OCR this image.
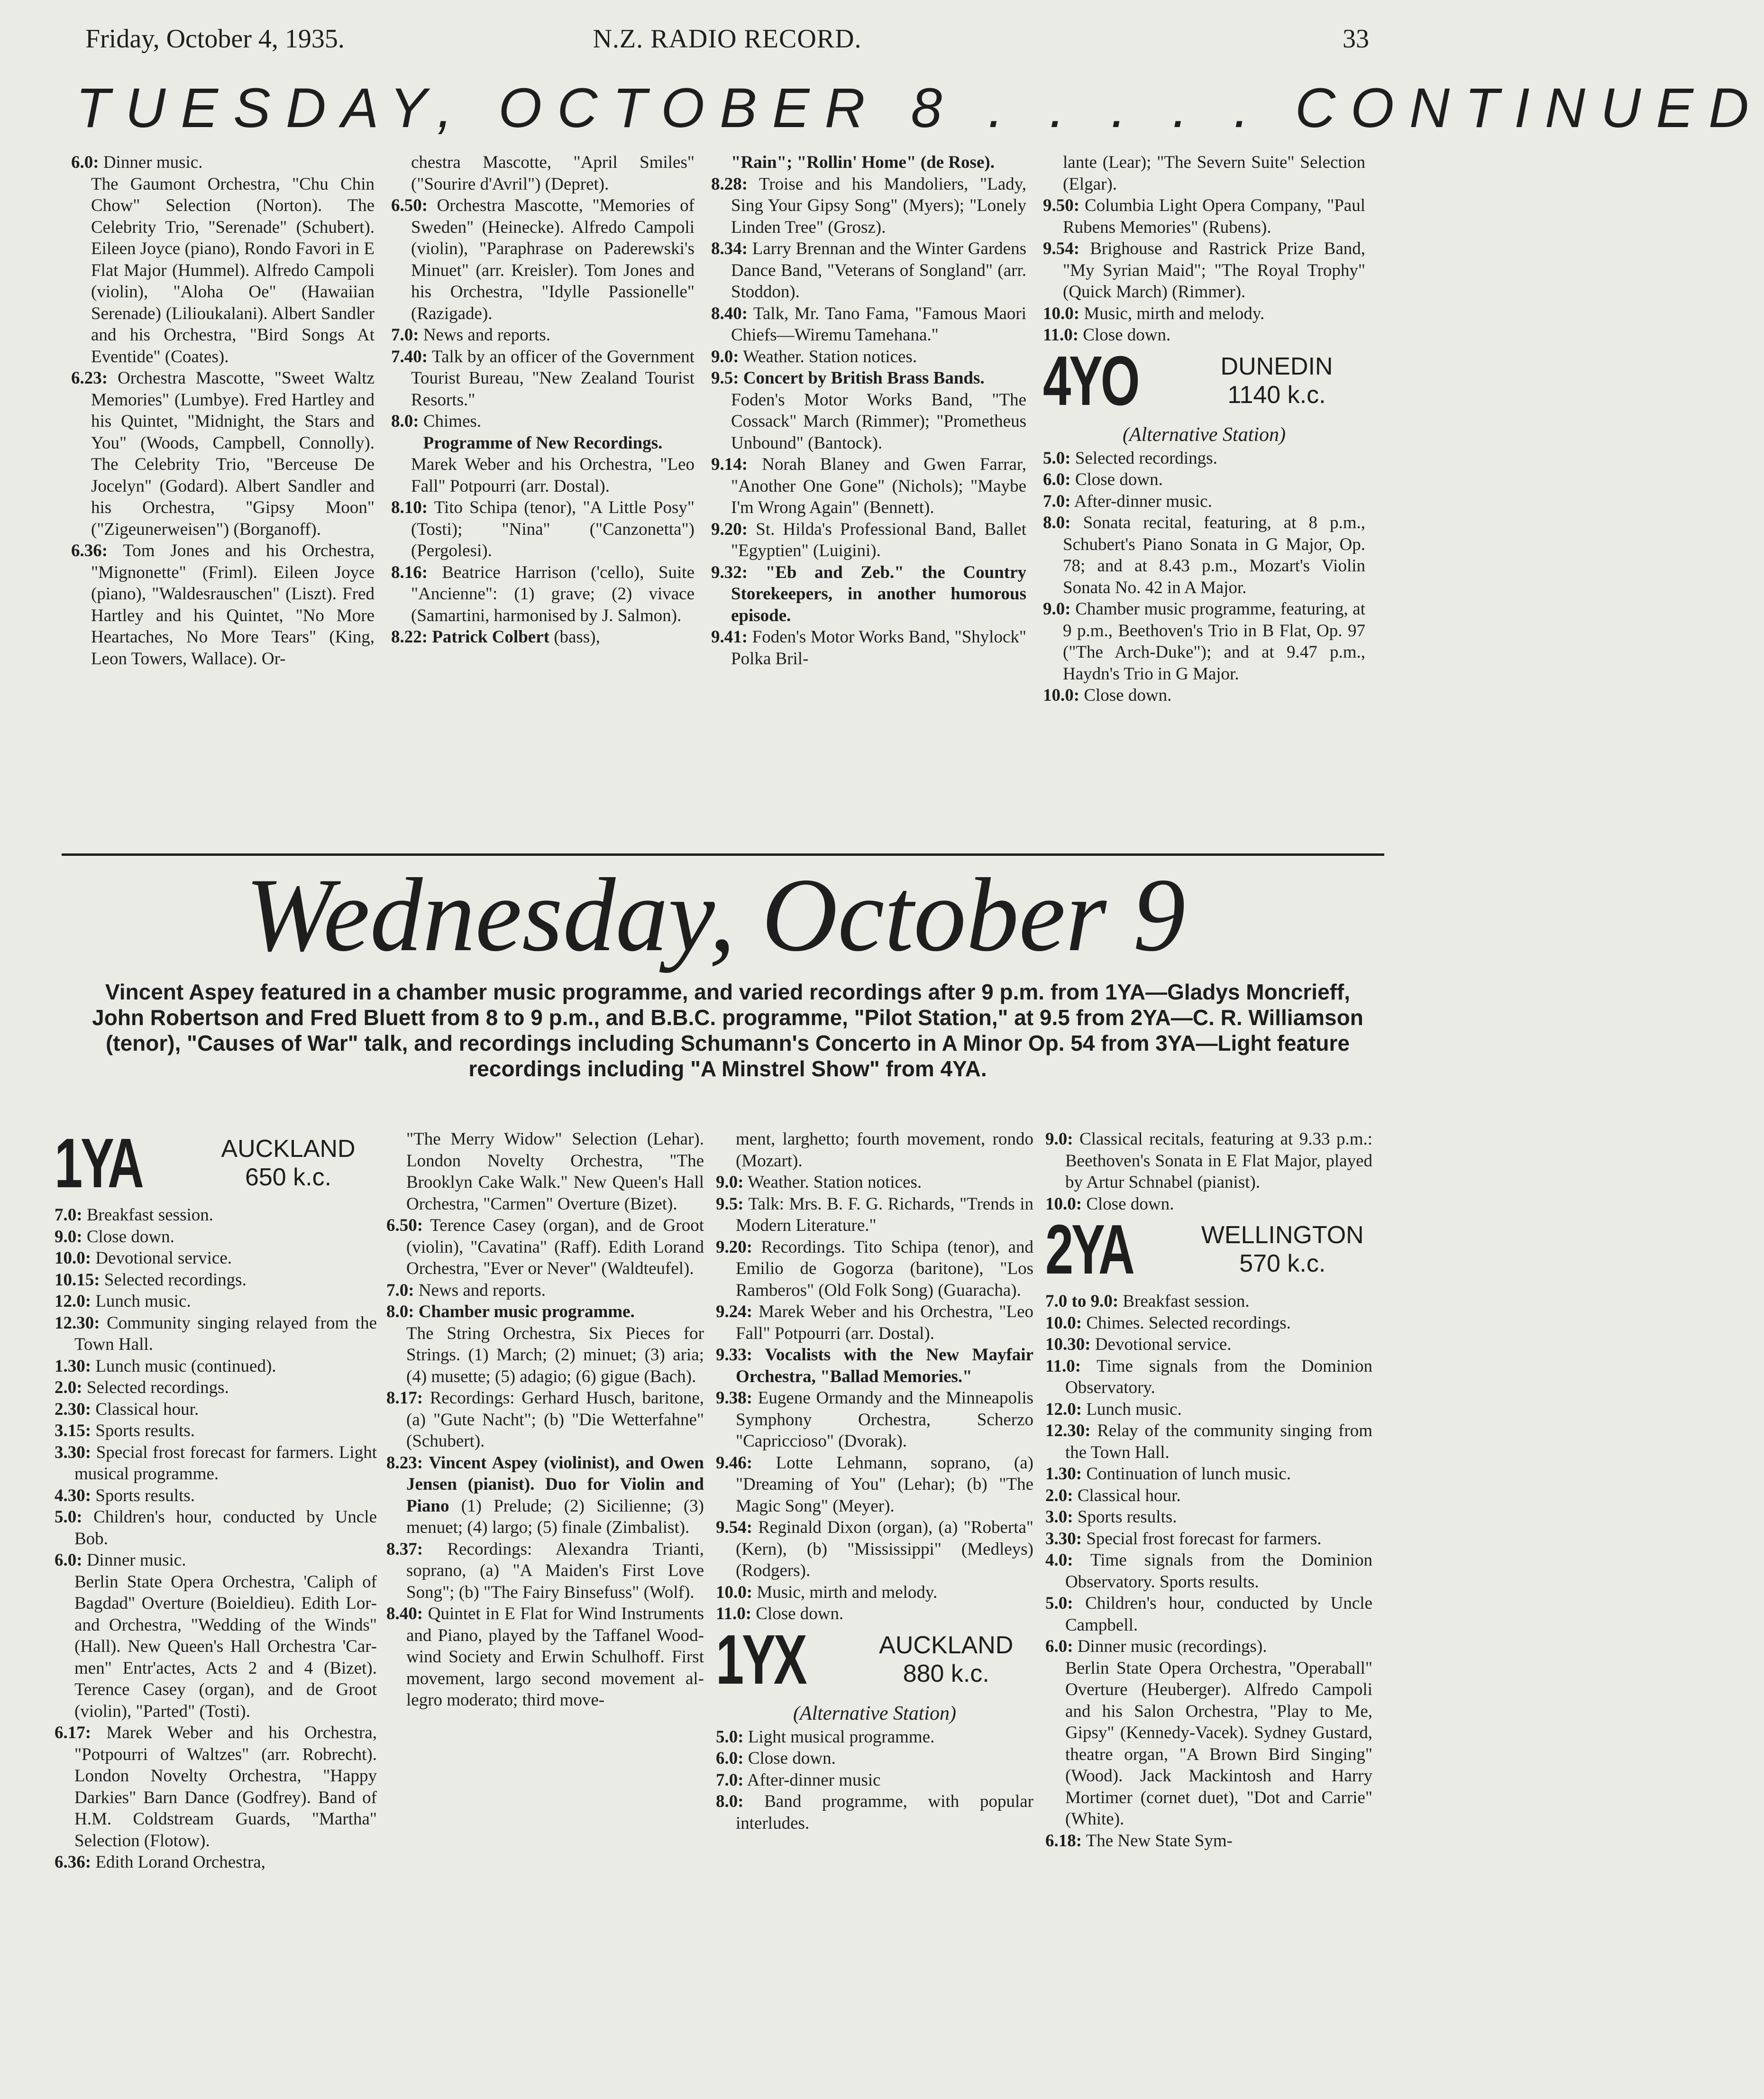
Friday, October 4, 1935.	N.Z. RADIO RECORD.	33
TUESDAY, OCTOBER 8 . . . . . CONTINUED

6.0: Dinner music.

The Gaumont Orchestra, "Chu Chin Chow" Selection (Norton). The Celebrity Trio, "Serenade" (Schubert). Eileen Joyce (piano), Rondo Favori in E Flat Major (Hummel). Alfredo Campoli (violin), "Aloha Oe" (Hawaiian Serenade) (Lilioukalani). Albert Sandler and his Orchestra, "Bird Songs At Eventide" (Coates).

6.23: Orchestra Mascotte, "Sweet Waltz Memories" (Lumbye). Fred Hartley and his Quintet, "Midnight, the Stars and You" (Woods, Campbell, Connolly). The Celebrity Trio, "Berceuse De Jocelyn" (Godard). Albert Sandler and his Orchestra, "Gipsy Moon" ("Zigeunerweisen") (Borganoff).

6.36: Tom Jones and his Orchestra, "Mignonette" (Friml). Eileen Joyce (piano), "Waldesrauschen" (Liszt). Fred Hartley and his Quintet, "No More Heartaches, No More Tears" (King, Leon Towers, Wallace). Or-

chestra Mascotte, "April Smiles" ("Sourire d'Avril") (Depret).

6.50: Orchestra Mascotte, "Memories of Sweden" (Heinecke). Alfredo Campoli (violin), "Paraphrase on Paderewski's Minuet" (arr. Kreisler). Tom Jones and his Orchestra, "Idylle Passionelle" (Razigade).

7.0: News and reports.

7.40: Talk by an officer of the Government Tourist Bureau, "New Zealand Tourist Resorts."

8.0: Chimes.

Programme of New Recordings.

Marek Weber and his Orchestra, "Leo Fall" Potpourri (arr. Dostal).

8.10: Tito Schipa (tenor), "A Little Posy" (Tosti); "Nina" ("Canzonetta") (Pergolesi).

8.16: Beatrice Harrison ('cello), Suite "Ancienne": (1) grave; (2) vivace (Samartini, harmonised by J. Salmon).

8.22: Patrick Colbert (bass),

"Rain"; "Rollin' Home" (de Rose).

8.28: Troise and his Mandoliers, "Lady, Sing Your Gipsy Song" (Myers); "Lonely Linden Tree" (Grosz).

8.34: Larry Brennan and the Winter Gardens Dance Band, "Veterans of Songland" (arr. Stoddon).

8.40: Talk, Mr. Tano Fama, "Famous Maori Chiefs—Wiremu Tamehana."

9.0: Weather. Station notices.

9.5: Concert by British Brass Bands.

Foden's Motor Works Band, "The Cossack" March (Rimmer); "Prometheus Unbound" (Bantock).

9.14: Norah Blaney and Gwen Farrar, "Another One Gone" (Nichols); "Maybe I'm Wrong Again" (Bennett).

9.20: St. Hilda's Professional Band, Ballet "Egyptien" (Luigini).

9.32: "Eb and Zeb." the Country Storekeepers, in another humorous episode.

9.41: Foden's Motor Works Band, "Shylock" Polka Bril-

lante (Lear); "The Severn Suite" Selection (Elgar).

9.50: Columbia Light Opera Company, "Paul Rubens Memories" (Rubens).

9.54: Brighouse and Rastrick Prize Band, "My Syrian Maid"; "The Royal Trophy" (Quick March) (Rimmer).

10.0: Music, mirth and melody.

11.0: Close down.

4YO	DUNEDIN
1140 k.c.

(Alternative Station)

5.0: Selected recordings.

6.0: Close down.

7.0: After-dinner music.

8.0: Sonata recital, featuring, at 8 p.m., Schubert's Piano Sonata in G Major, Op. 78; and at 8.43 p.m., Mozart's Violin Sonata No. 42 in A Major.

9.0: Chamber music programme, featuring, at 9 p.m., Beethoven's Trio in B Flat, Op. 97 ("The Arch-Duke"); and at 9.47 p.m., Haydn's Trio in G Major.

10.0: Close down.

Wednesday, October 9
Vincent Aspey featured in a chamber music programme, and varied recordings after 9 p.m. from 1YA—Gladys Moncrieff, John Robertson and Fred Bluett from 8 to 9 p.m., and B.B.C. programme, "Pilot Station," at 9.5 from 2YA—C. R. Williamson (tenor), "Causes of War" talk, and recordings including Schumann's Concerto in A Minor Op. 54 from 3YA—Light feature recordings including "A Minstrel Show" from 4YA.
1YA	AUCKLAND
650 k.c.

7.0: Breakfast session.

9.0: Close down.

10.0: Devotional service.

10.15: Selected recordings.

12.0: Lunch music.

12.30: Community singing relayed from the Town Hall.

1.30: Lunch music (continued).

2.0: Selected recordings.

2.30: Classical hour.

3.15: Sports results.

3.30: Special frost forecast for farmers. Light musical programme.

4.30: Sports results.

5.0: Children's hour, conducted by Uncle Bob.

6.0: Dinner music.

Berlin State Opera Orchestra, 'Caliph of Bagdad" Overture (Boieldieu). Edith Lorand Orchestra, "Wedding of the Winds" (Hall). New Queen's Hall Orchestra 'Carmen" Entr'actes, Acts 2 and 4 (Bizet). Terence Casey (organ), and de Groot (violin), "Parted" (Tosti).

6.17: Marek Weber and his Orchestra, "Potpourri of Waltzes" (arr. Robrecht). London Novelty Orchestra, "Happy Darkies" Barn Dance (Godfrey). Band of H.M. Coldstream Guards, "Martha" Selection (Flotow).

6.36: Edith Lorand Orchestra,

"The Merry Widow" Selection (Lehar). London Novelty Orchestra, "The Brooklyn Cake Walk." New Queen's Hall Orchestra, "Carmen" Overture (Bizet).

6.50: Terence Casey (organ), and de Groot (violin), "Cavatina" (Raff). Edith Lorand Orchestra, "Ever or Never" (Waldteufel).

7.0: News and reports.

8.0: Chamber music programme.

The String Orchestra, Six Pieces for Strings. (1) March; (2) minuet; (3) aria; (4) musette; (5) adagio; (6) gigue (Bach).

8.17: Recordings: Gerhard Husch, baritone, (a) "Gute Nacht"; (b) "Die Wetterfahne" (Schubert).

8.23: Vincent Aspey (violinist), and Owen Jensen (pianist). Duo for Violin and Piano (1) Prelude; (2) Sicilienne; (3) menuet; (4) largo; (5) finale (Zimbalist).

8.37: Recordings: Alexandra Trianti, soprano, (a) "A Maiden's First Love Song"; (b) "The Fairy Binsefuss" (Wolf).

8.40: Quintet in E Flat for Wind Instruments and Piano, played by the Taffanel Woodwind Society and Erwin Schulhoff. First movement, largo second movement allegro moderato; third move-

ment, larghetto; fourth movement, rondo (Mozart).

9.0: Weather. Station notices.

9.5: Talk: Mrs. B. F. G. Richards, "Trends in Modern Literature."

9.20: Recordings. Tito Schipa (tenor), and Emilio de Gogorza (baritone), "Los Ramberos" (Old Folk Song) (Guaracha).

9.24: Marek Weber and his Orchestra, "Leo Fall" Potpourri (arr. Dostal).

9.33: Vocalists with the New Mayfair Orchestra, "Ballad Memories."

9.38: Eugene Ormandy and the Minneapolis Symphony Orchestra, Scherzo "Capriccioso" (Dvorak).

9.46: Lotte Lehmann, soprano, (a) "Dreaming of You" (Lehar); (b) "The Magic Song" (Meyer).

9.54: Reginald Dixon (organ), (a) "Roberta" (Kern), (b) "Mississippi" (Medleys) (Rodgers).

10.0: Music, mirth and melody.

11.0: Close down.

1YX	AUCKLAND
880 k.c.

(Alternative Station)

5.0: Light musical programme.

6.0: Close down.

7.0: After-dinner music

8.0: Band programme, with popular interludes.

9.0: Classical recitals, featuring at 9.33 p.m.: Beethoven's Sonata in E Flat Major, played by Artur Schnabel (pianist).

10.0: Close down.

2YA	WELLINGTON
570 k.c.

7.0 to 9.0: Breakfast session.

10.0: Chimes. Selected recordings.

10.30: Devotional service.

11.0: Time signals from the Dominion Observatory.

12.0: Lunch music.

12.30: Relay of the community singing from the Town Hall.

1.30: Continuation of lunch music.

2.0: Classical hour.

3.0: Sports results.

3.30: Special frost forecast for farmers.

4.0: Time signals from the Dominion Observatory. Sports results.

5.0: Children's hour, conducted by Uncle Campbell.

6.0: Dinner music (recordings).

Berlin State Opera Orchestra, "Operaball" Overture (Heuberger). Alfredo Campoli and his Salon Orchestra, "Play to Me, Gipsy" (Kennedy-Vacek). Sydney Gustard, theatre organ, "A Brown Bird Singing" (Wood). Jack Mackintosh and Harry Mortimer (cornet duet), "Dot and Carrie" (White).

6.18: The New State Sym-
